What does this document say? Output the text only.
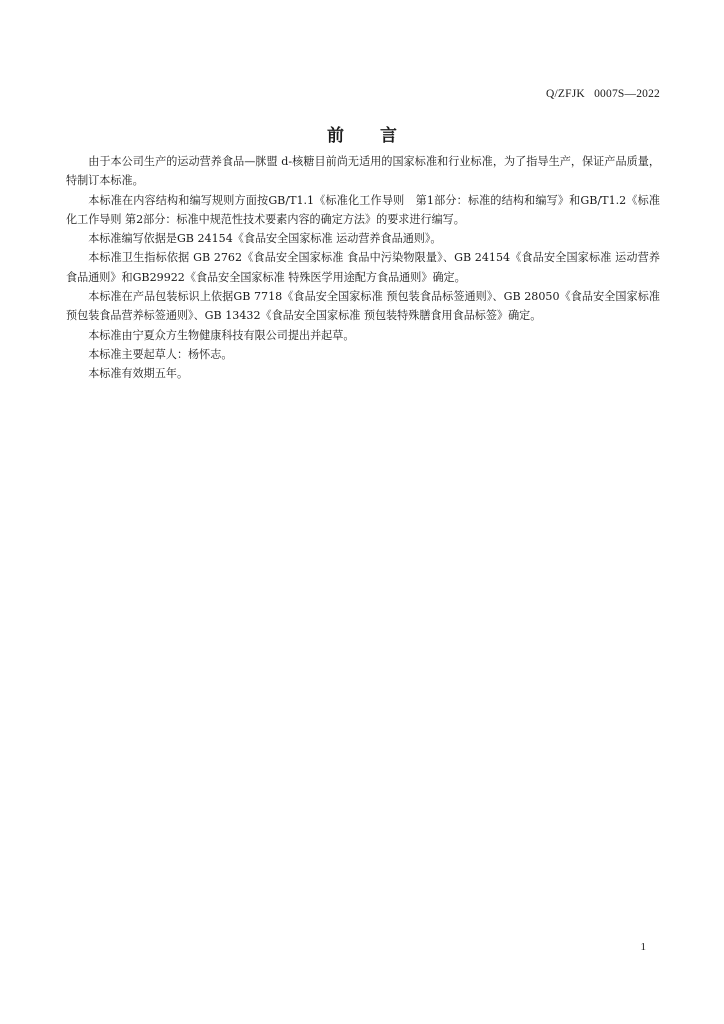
Q/ZFJK   0007S—2022
前言

由于本公司生产的运动营养食品—脒盟 d-核糖目前尚无适用的国家标准和行业标准，为了指导生产，保证产品质量，特制订本标准。

本标准在内容结构和编写规则方面按GB/T1.1《标准化工作导则　第1部分：标准的结构和编写》和GB/T1.2《标准化工作导则 第2部分：标准中规范性技术要素内容的确定方法》的要求进行编写。

本标准编写依据是GB 24154《食品安全国家标准 运动营养食品通则》。

本标准卫生指标依据 GB 2762《食品安全国家标准 食品中污染物限量》、GB 24154《食品安全国家标准 运动营养食品通则》和GB29922《食品安全国家标准 特殊医学用途配方食品通则》确定。

本标准在产品包装标识上依据GB 7718《食品安全国家标准 预包装食品标签通则》、GB 28050《食品安全国家标准 预包装食品营养标签通则》、GB 13432《食品安全国家标准 预包装特殊膳食用食品标签》确定。

本标准由宁夏众方生物健康科技有限公司提出并起草。

本标准主要起草人：杨怀志。

本标准有效期五年。

1
